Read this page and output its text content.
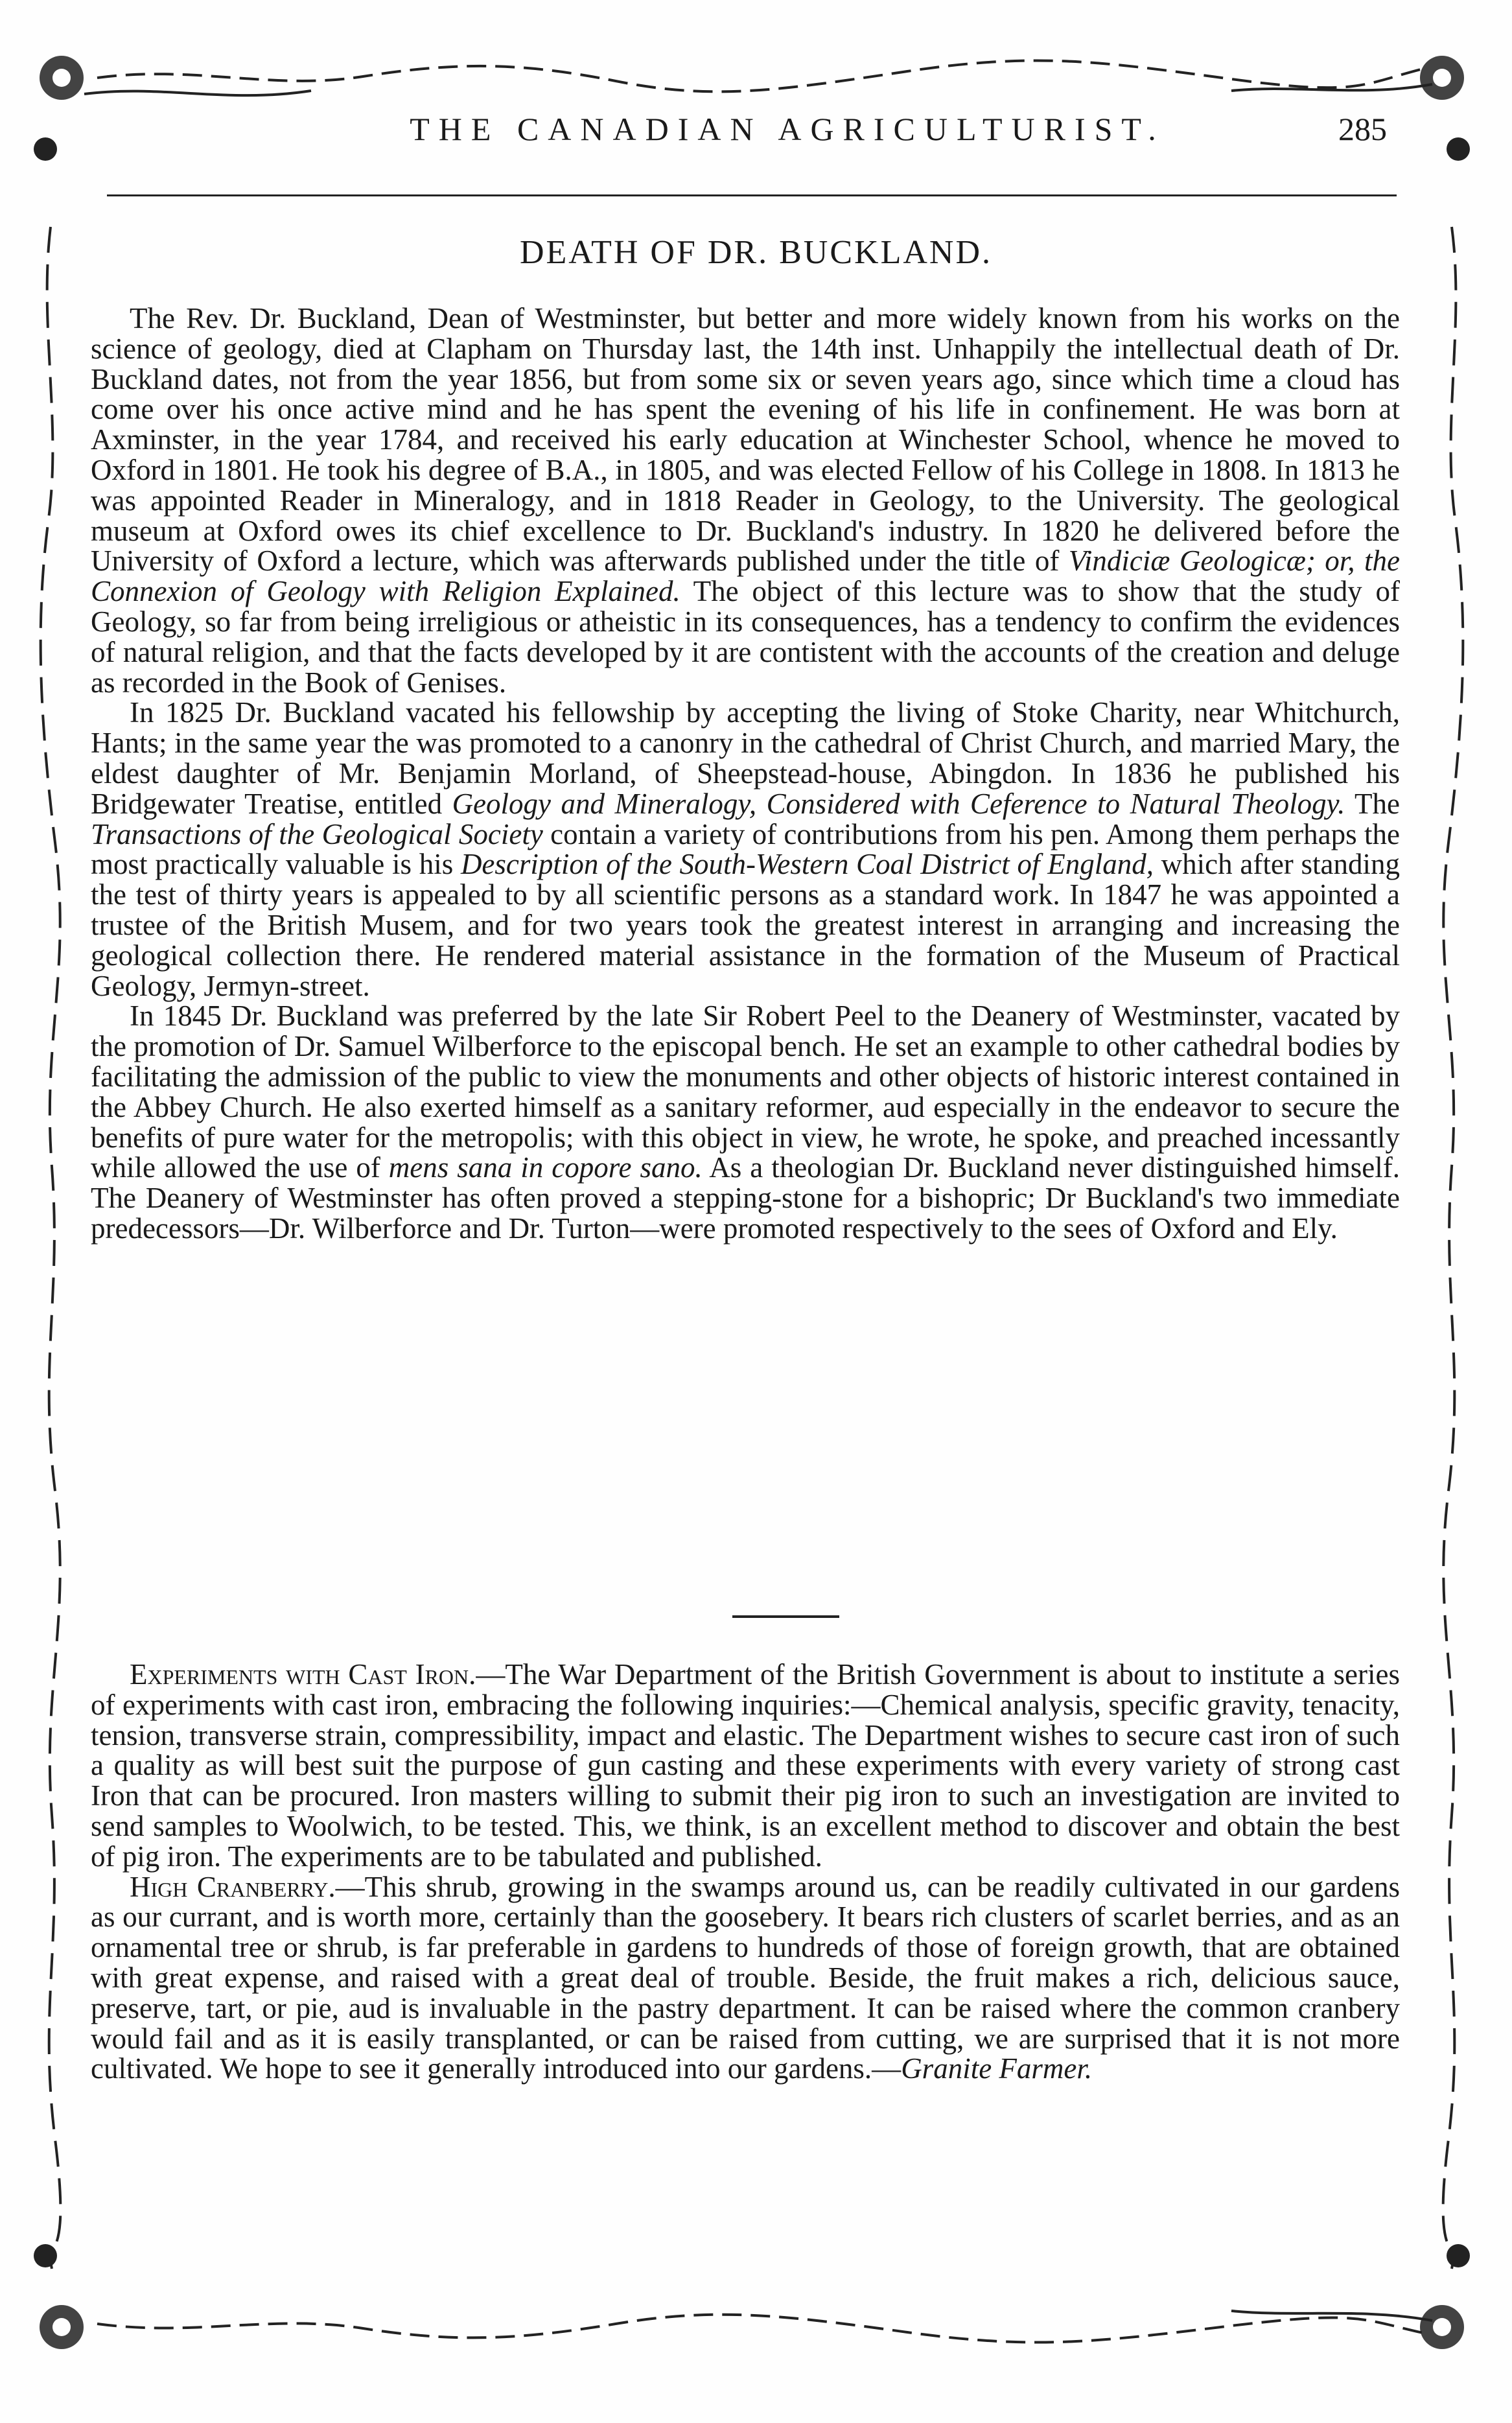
THE CANADIAN AGRICULTURIST.	285
DEATH OF DR. BUCKLAND.

The Rev. Dr. Buckland, Dean of Westminster, but better and more widely known from his works on the science of geology, died at Clapham on Thursday last, the 14th inst. Unhappily the intellectual death of Dr. Buckland dates, not from the year 1856, but from some six or seven years ago, since which time a cloud has come over his once active mind and he has spent the evening of his life in confinement. He was born at Axminster, in the year 1784, and received his early education at Winchester School, whence he moved to Oxford in 1801. He took his degree of B.A., in 1805, and was elected Fellow of his College in 1808. In 1813 he was appointed Reader in Mineralogy, and in 1818 Reader in Geology, to the University. The geological museum at Oxford owes its chief excellence to Dr. Buckland's industry. In 1820 he delivered before the University of Oxford a lecture, which was afterwards published under the title of Vindiciæ Geologicæ; or, the Connexion of Geology with Religion Explained. The object of this lecture was to show that the study of Geology, so far from being irreligious or atheistic in its consequences, has a tendency to confirm the evidences of natural religion, and that the facts developed by it are contistent with the accounts of the creation and deluge as recorded in the Book of Genises.

In 1825 Dr. Buckland vacated his fellowship by accepting the living of Stoke Charity, near Whitchurch, Hants; in the same year the was promoted to a canonry in the cathedral of Christ Church, and married Mary, the eldest daughter of Mr. Benjamin Morland, of Sheepstead-house, Abingdon. In 1836 he published his Bridgewater Treatise, entitled Geology and Mineralogy, Considered with Ceference to Natural Theology. The Transactions of the Geological Society contain a variety of contributions from his pen. Among them perhaps the most practically valuable is his Description of the South-Western Coal District of England, which after standing the test of thirty years is appealed to by all scientific persons as a standard work. In 1847 he was appointed a trustee of the British Musem, and for two years took the greatest interest in arranging and increasing the geological collection there. He rendered material assistance in the formation of the Museum of Practical Geology, Jermyn-street.

In 1845 Dr. Buckland was preferred by the late Sir Robert Peel to the Deanery of Westminster, vacated by the promotion of Dr. Samuel Wilberforce to the episcopal bench. He set an example to other cathedral bodies by facilitating the admission of the public to view the monuments and other objects of historic interest contained in the Abbey Church. He also exerted himself as a sanitary reformer, aud especially in the endeavor to secure the benefits of pure water for the metropolis; with this object in view, he wrote, he spoke, and preached incessantly while allowed the use of mens sana in copore sano. As a theologian Dr. Buckland never distinguished himself. The Deanery of Westminster has often proved a stepping-stone for a bishopric; Dr Buckland's two immediate predecessors—Dr. Wilberforce and Dr. Turton—were promoted respectively to the sees of Oxford and Ely.

Experiments with Cast Iron.—The War Department of the British Government is about to institute a series of experiments with cast iron, embracing the following inquiries:—Chemical analysis, specific gravity, tenacity, tension, transverse strain, compressibility, impact and elastic. The Department wishes to secure cast iron of such a quality as will best suit the purpose of gun casting and these experiments with every variety of strong cast Iron that can be procured. Iron masters willing to submit their pig iron to such an investigation are invited to send samples to Woolwich, to be tested. This, we think, is an excellent method to discover and obtain the best of pig iron. The experiments are to be tabulated and published.

High Cranberry.—This shrub, growing in the swamps around us, can be readily cultivated in our gardens as our currant, and is worth more, certainly than the goosebery. It bears rich clusters of scarlet berries, and as an ornamental tree or shrub, is far preferable in gardens to hundreds of those of foreign growth, that are obtained with great expense, and raised with a great deal of trouble. Beside, the fruit makes a rich, delicious sauce, preserve, tart, or pie, aud is invaluable in the pastry department. It can be raised where the common cranbery would fail and as it is easily transplanted, or can be raised from cutting, we are surprised that it is not more cultivated. We hope to see it generally introduced into our gardens.—Granite Farmer.
